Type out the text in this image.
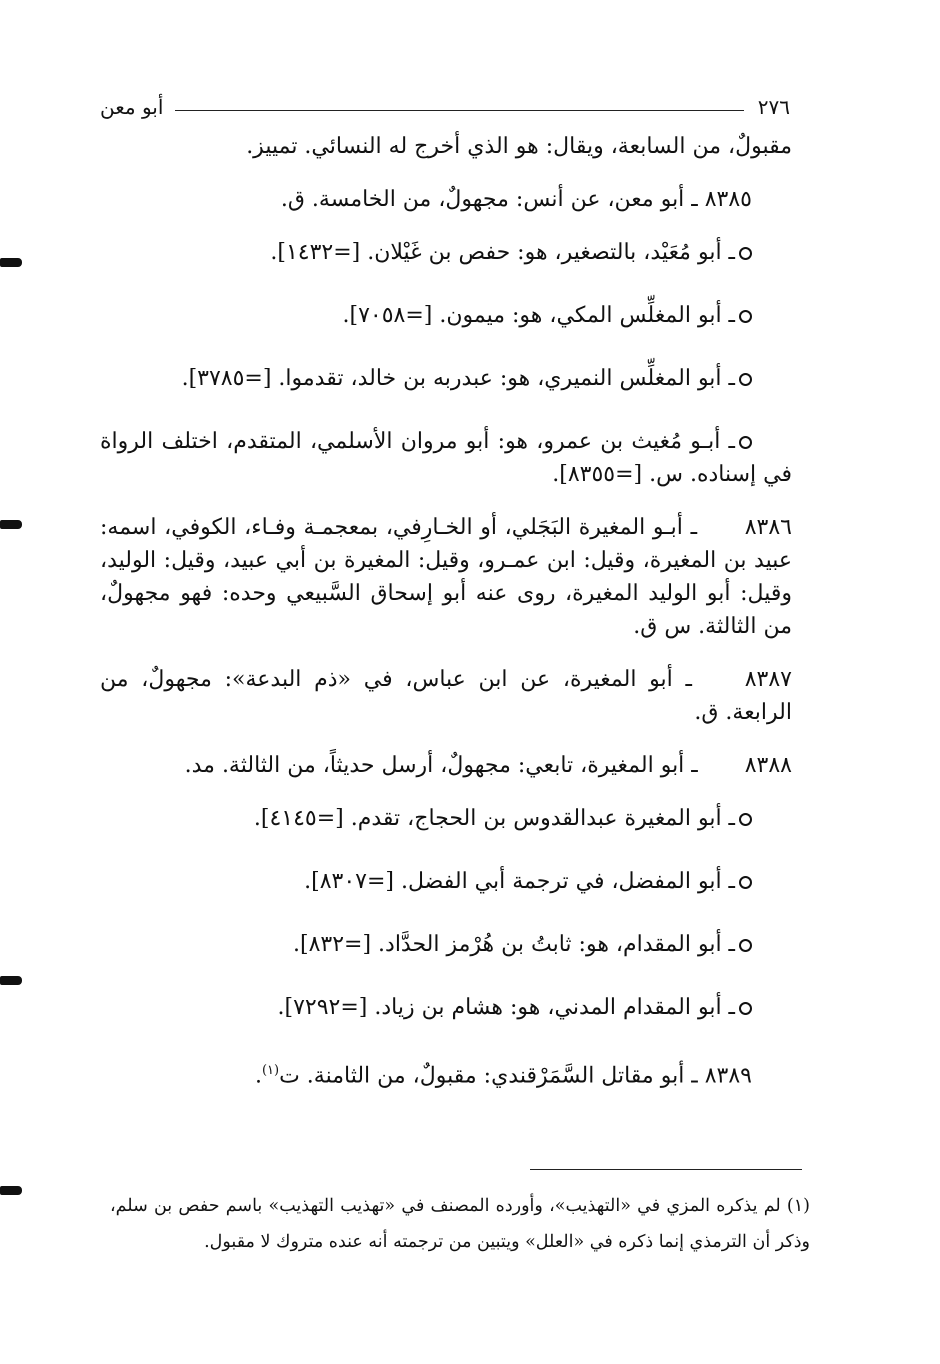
٢٧٦
أبو معن

مقبولٌ، من السابعة، ويقال: هو الذي أخرج له النسائي. تمييز.

٨٣٨٥ ـ أبو معن، عن أنس: مجهولٌ، من الخامسة. ق.

ـ أبو مُعَيْد، بالتصغير، هو: حفص بن غَيْلان. [=١٤٣٢].

ـ أبو المغلِّس المكي، هو: ميمون. [=٧٠٥٨].

ـ أبو المغلِّس النميري، هو: عبدربه بن خالد، تقدموا. [=٣٧٨٥].

ـ أبـو مُغيث بن عمرو، هو: أبو مروان الأسلمي، المتقدم، اختلف الرواة في إسناده. س. [=٨٣٥٥].

٨٣٨٦ ـ أبـو المغيرة البَجَلي، أو الخـارِفي، بمعجمـة وفـاء، الكوفي، اسمه: عبيد بن المغيرة، وقيل: ابن عمـرو، وقيل: المغيرة بن أبي عبيد، وقيل: الوليد، وقيل: أبو الوليد المغيرة، روى عنه أبو إسحاق السَّبيعي وحده: فهو مجهولٌ، من الثالثة. س ق.

٨٣٨٧ ـ أبو المغيرة، عن ابن عباس، في «ذم البدعة»: مجهولٌ، من الرابعة. ق.

٨٣٨٨ ـ أبو المغيرة، تابعي: مجهولٌ، أرسل حديثاً، من الثالثة. مد.

ـ أبو المغيرة عبدالقدوس بن الحجاج، تقدم. [=٤١٤٥].

ـ أبو المفضل، في ترجمة أبي الفضل. [=٨٣٠٧].

ـ أبو المقدام، هو: ثابتُ بن هُرْمز الحدَّاد. [=٨٣٢].

ـ أبو المقدام المدني، هو: هشام بن زياد. [=٧٢٩٢].

٨٣٨٩ ـ أبو مقاتل السَّمَرْقندي: مقبولٌ، من الثامنة. ت$^{(١)}$.

(١) لم يذكره المزي في «التهذيب»، وأورده المصنف في «تهذيب التهذيب» باسم حفص بن سلم، وذكر أن الترمذي إنما ذكره في «العلل» ويتبين من ترجمته أنه عنده متروك لا مقبول.
